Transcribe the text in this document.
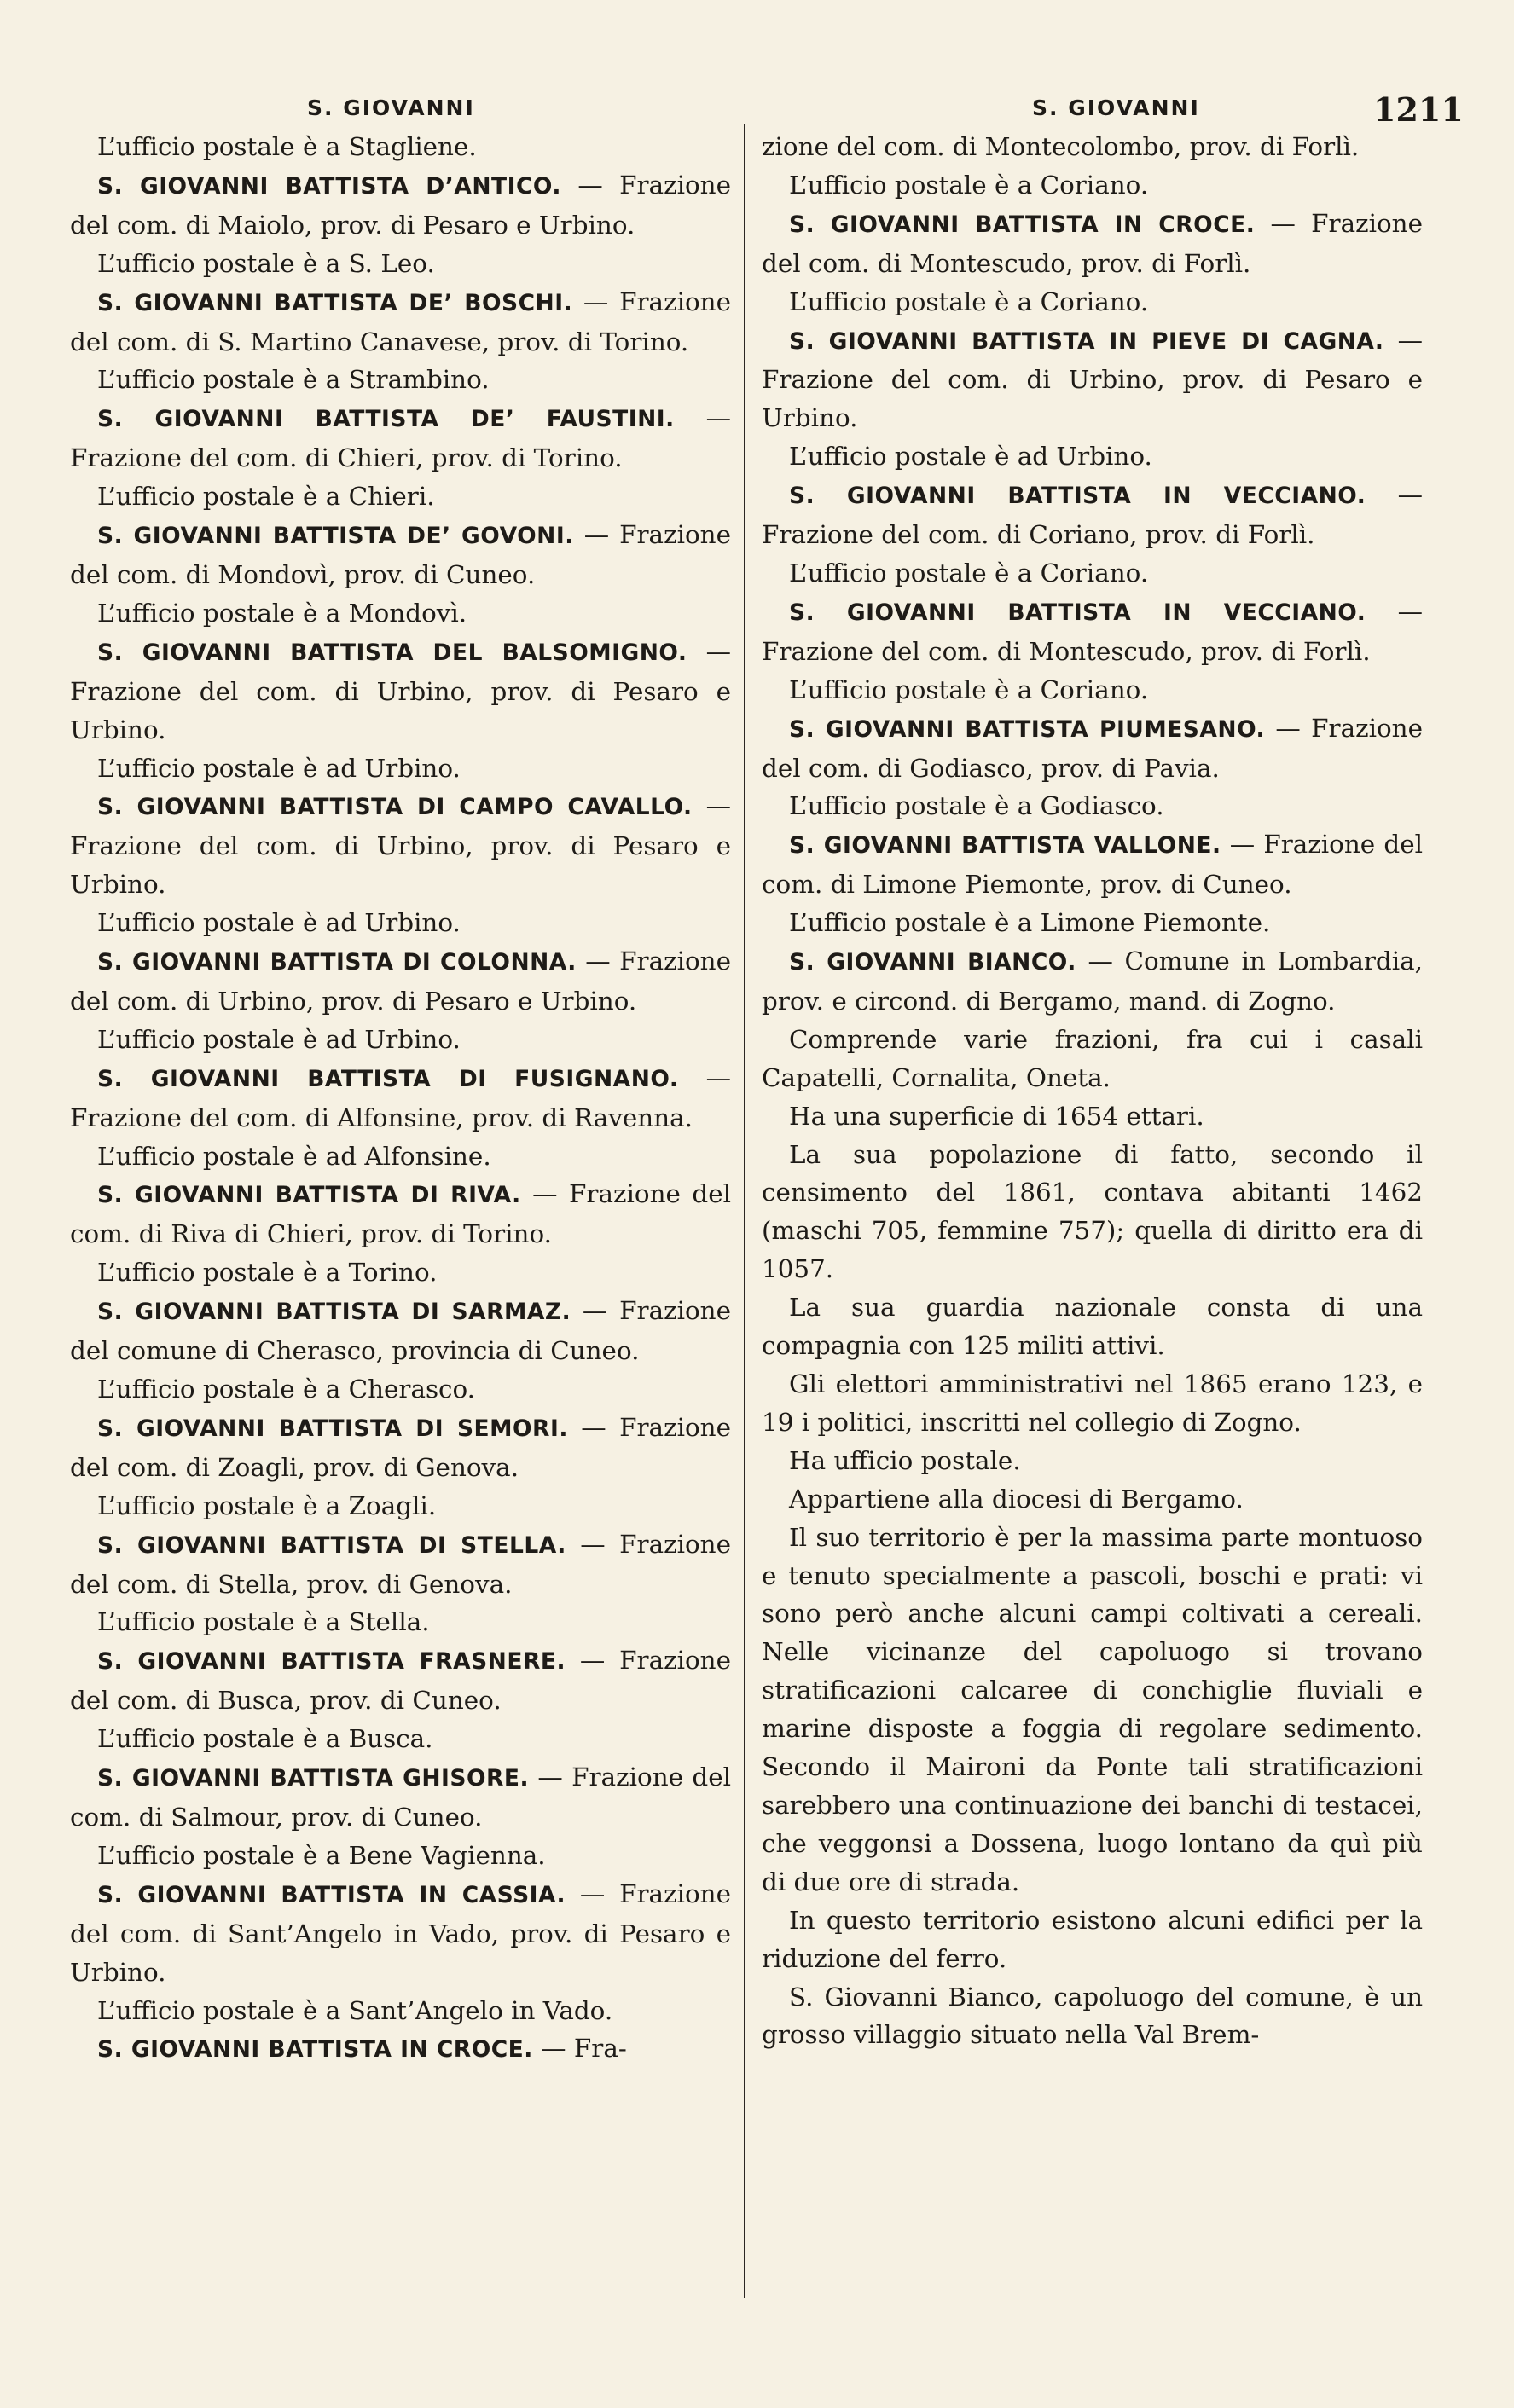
S. GIOVANNI	S. GIOVANNI	1211

L’ufficio postale è a Stagliene.

S. GIOVANNI BATTISTA D’ANTICO. — Frazione del com. di Maiolo, prov. di Pesaro e Urbino.

L’ufficio postale è a S. Leo.

S. GIOVANNI BATTISTA DE’ BOSCHI. — Frazione del com. di S. Martino Canavese, prov. di Torino.

L’ufficio postale è a Strambino.

S. GIOVANNI BATTISTA DE’ FAUSTINI. — Frazione del com. di Chieri, prov. di Torino.

L’ufficio postale è a Chieri.

S. GIOVANNI BATTISTA DE’ GOVONI. — Frazione del com. di Mondovì, prov. di Cuneo.

L’ufficio postale è a Mondovì.

S. GIOVANNI BATTISTA DEL BALSOMIGNO. — Frazione del com. di Urbino, prov. di Pesaro e Urbino.

L’ufficio postale è ad Urbino.

S. GIOVANNI BATTISTA DI CAMPO CAVALLO. — Frazione del com. di Urbino, prov. di Pesaro e Urbino.

L’ufficio postale è ad Urbino.

S. GIOVANNI BATTISTA DI COLONNA. — Frazione del com. di Urbino, prov. di Pesaro e Urbino.

L’ufficio postale è ad Urbino.

S. GIOVANNI BATTISTA DI FUSIGNANO. — Frazione del com. di Alfonsine, prov. di Ravenna.

L’ufficio postale è ad Alfonsine.

S. GIOVANNI BATTISTA DI RIVA. — Frazione del com. di Riva di Chieri, prov. di Torino.

L’ufficio postale è a Torino.

S. GIOVANNI BATTISTA DI SARMAZ. — Frazione del comune di Cherasco, provincia di Cuneo.

L’ufficio postale è a Cherasco.

S. GIOVANNI BATTISTA DI SEMORI. — Frazione del com. di Zoagli, prov. di Genova.

L’ufficio postale è a Zoagli.

S. GIOVANNI BATTISTA DI STELLA. — Frazione del com. di Stella, prov. di Genova.

L’ufficio postale è a Stella.

S. GIOVANNI BATTISTA FRASNERE. — Frazione del com. di Busca, prov. di Cuneo.

L’ufficio postale è a Busca.

S. GIOVANNI BATTISTA GHISORE. — Frazione del com. di Salmour, prov. di Cuneo.

L’ufficio postale è a Bene Vagienna.

S. GIOVANNI BATTISTA IN CASSIA. — Frazione del com. di Sant’Angelo in Vado, prov. di Pesaro e Urbino.

L’ufficio postale è a Sant’Angelo in Vado.

S. GIOVANNI BATTISTA IN CROCE. — Fra-

zione del com. di Montecolombo, prov. di Forlì.

L’ufficio postale è a Coriano.

S. GIOVANNI BATTISTA IN CROCE. — Frazione del com. di Montescudo, prov. di Forlì.

L’ufficio postale è a Coriano.

S. GIOVANNI BATTISTA IN PIEVE DI CAGNA. — Frazione del com. di Urbino, prov. di Pesaro e Urbino.

L’ufficio postale è ad Urbino.

S. GIOVANNI BATTISTA IN VECCIANO. — Frazione del com. di Coriano, prov. di Forlì.

L’ufficio postale è a Coriano.

S. GIOVANNI BATTISTA IN VECCIANO. — Frazione del com. di Montescudo, prov. di Forlì.

L’ufficio postale è a Coriano.

S. GIOVANNI BATTISTA PIUMESANO. — Frazione del com. di Godiasco, prov. di Pavia.

L’ufficio postale è a Godiasco.

S. GIOVANNI BATTISTA VALLONE. — Frazione del com. di Limone Piemonte, prov. di Cuneo.

L’ufficio postale è a Limone Piemonte.

S. GIOVANNI BIANCO. — Comune in Lombardia, prov. e circond. di Bergamo, mand. di Zogno.

Comprende varie frazioni, fra cui i casali Capatelli, Cornalita, Oneta.

Ha una superficie di 1654 ettari.

La sua popolazione di fatto, secondo il censimento del 1861, contava abitanti 1462 (maschi 705, femmine 757); quella di diritto era di 1057.

La sua guardia nazionale consta di una compagnia con 125 militi attivi.

Gli elettori amministrativi nel 1865 erano 123, e 19 i politici, inscritti nel collegio di Zogno.

Ha ufficio postale.

Appartiene alla diocesi di Bergamo.

Il suo territorio è per la massima parte montuoso e tenuto specialmente a pascoli, boschi e prati: vi sono però anche alcuni campi coltivati a cereali. Nelle vicinanze del capoluogo si trovano stratificazioni calcaree di conchiglie fluviali e marine disposte a foggia di regolare sedimento. Secondo il Maironi da Ponte tali stratificazioni sarebbero una continuazione dei banchi di testacei, che veggonsi a Dossena, luogo lontano da quì più di due ore di strada.

In questo territorio esistono alcuni edifici per la riduzione del ferro.

S. Giovanni Bianco, capoluogo del comune, è un grosso villaggio situato nella Val Brem-
